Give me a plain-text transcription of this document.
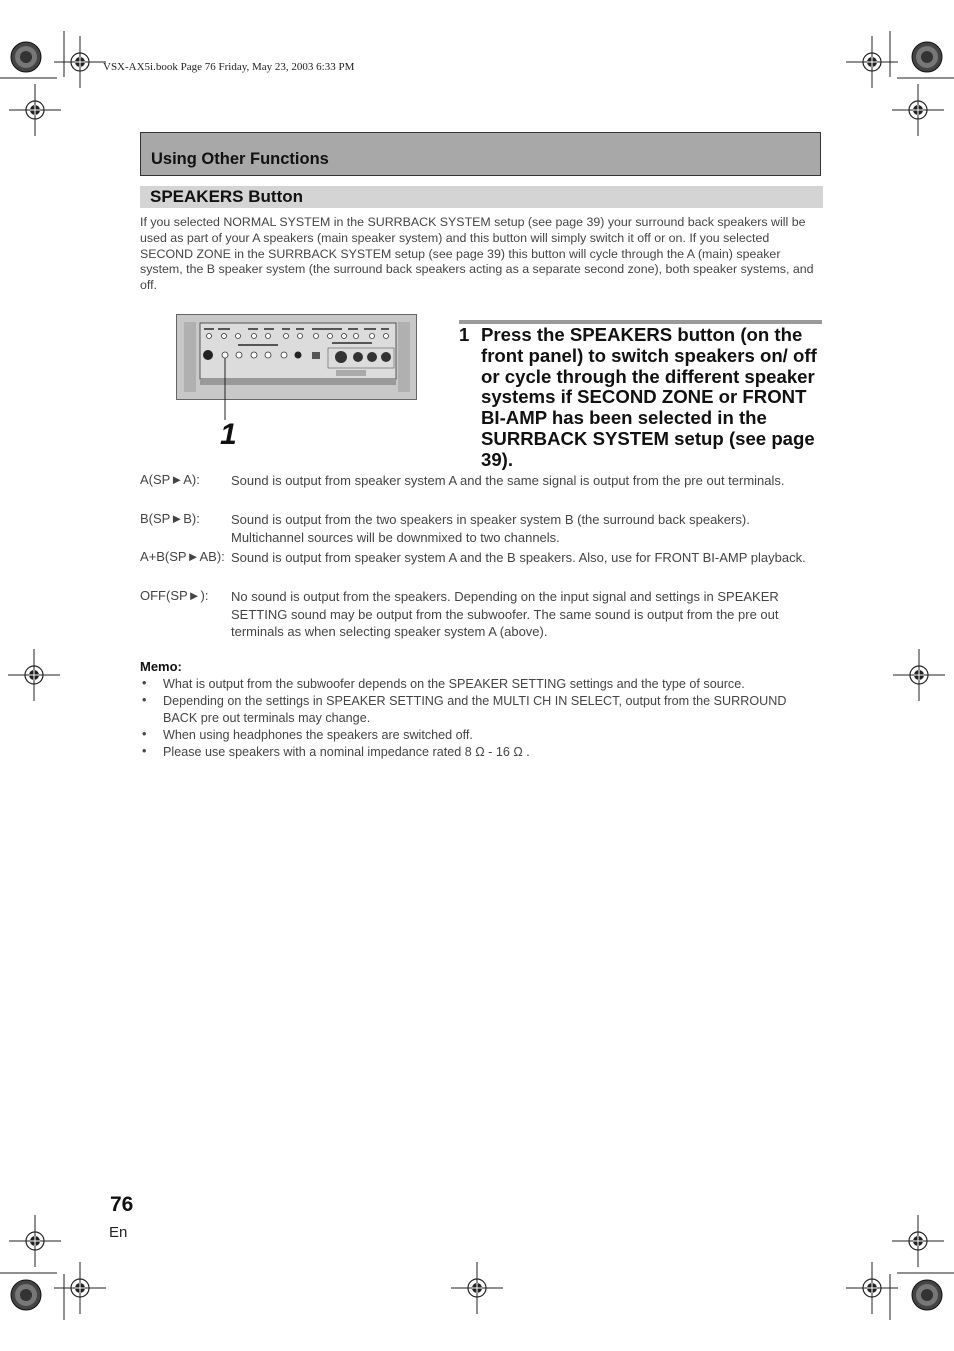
VSX-AX5i.book Page 76 Friday, May 23, 2003 6:33 PM
Using Other Functions
SPEAKERS Button
If you selected NORMAL SYSTEM in the SURRBACK SYSTEM setup (see page 39) your surround back speakers will be used as part of your A speakers (main speaker system) and this button will simply switch it off or on. If you selected SECOND ZONE in the SURRBACK SYSTEM setup (see page 39) this button will cycle through the A (main) speaker system, the B speaker system (the surround back speakers acting as a separate second zone), both speaker systems, and off.
1
1 Press the SPEAKERS button (on the front panel) to switch speakers on/ off or cycle through the different speaker systems if SECOND ZONE or FRONT BI-AMP has been selected in the SURRBACK SYSTEM setup (see page 39).
A(SP►A): Sound is output from speaker system A and the same signal is output from the pre out terminals.
B(SP►B): Sound is output from the two speakers in speaker system B (the surround back speakers). Multichannel sources will be downmixed to two channels.
A+B(SP►AB): Sound is output from speaker system A and the B speakers. Also, use for FRONT BI-AMP playback.
OFF(SP►): No sound is output from the speakers. Depending on the input signal and settings in SPEAKER SETTING sound may be output from the subwoofer. The same sound is output from the pre out terminals as when selecting speaker system A (above).
Memo:
• What is output from the subwoofer depends on the SPEAKER SETTING settings and the type of source.
• Depending on the settings in SPEAKER SETTING and the MULTI CH IN SELECT, output from the SURROUND BACK pre out terminals may change.
• When using headphones the speakers are switched off.
• Please use speakers with a nominal impedance rated 8 Ω - 16 Ω .
76
En
